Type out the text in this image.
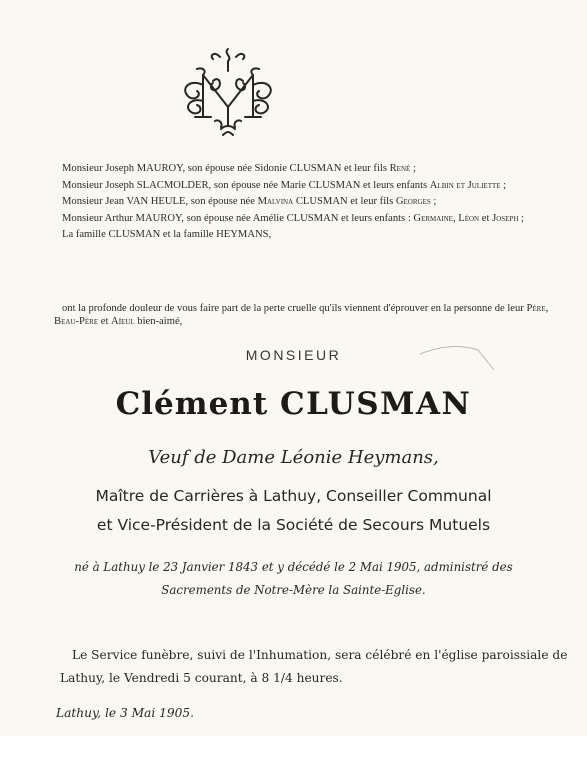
Monsieur Joseph MAUROY, son épouse née Sidonie CLUSMAN et leur fils René ;

Monsieur Joseph SLACMOLDER, son épouse née Marie CLUSMAN et leurs enfants Albin et Juliette ;

Monsieur Jean VAN HEULE, son épouse née Malvina CLUSMAN et leur fils Georges ;

Monsieur Arthur MAUROY, son épouse née Amélie CLUSMAN et leurs enfants : Germaine, Léon et Joseph ;

La famille CLUSMAN et la famille HEYMANS,

ont la profonde douleur de vous faire part de la perte cruelle qu'ils viennent d'éprouver en la personne de leur Père, Beau-Père et Aïeul bien-aimé,
MONSIEUR
Clément CLUSMAN
Veuf de Dame Léonie Heymans,
Maître de Carrières à Lathuy, Conseiller Communal
et Vice-Président de la Société de Secours Mutuels
né à Lathuy le 23 Janvier 1843 et y décédé le 2 Mai 1905, administré des
Sacrements de Notre-Mère la Sainte-Eglise.
Le Service funèbre, suivi de l'Inhumation, sera célébré en l'église paroissiale de Lathuy, le Vendredi 5 courant, à 8 1/4 heures.
Lathuy, le 3 Mai 1905.
